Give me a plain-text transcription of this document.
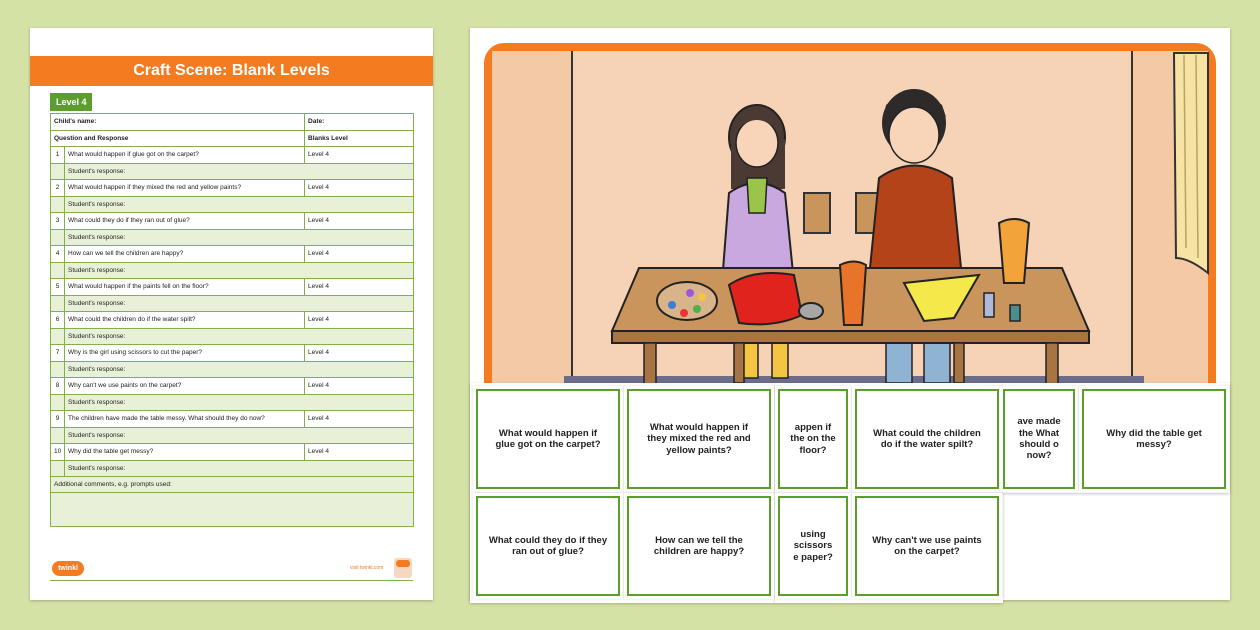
Craft Scene: Blank Levels
Level 4
Child's name:		Date:
Question and Response		Blanks Level
1	What would happen if glue got on the carpet?	Level 4
	Student's response:	
2	What would happen if they mixed the red and yellow paints?	Level 4
	Student's response:	
3	What could they do if they ran out of glue?	Level 4
	Student's response:	
4	How can we tell the children are happy?	Level 4
	Student's response:	
5	What would happen if the paints fell on the floor?	Level 4
	Student's response:	
6	What could the children do if the water spilt?	Level 4
	Student's response:	
7	Why is the girl using scissors to cut the paper?	Level 4
	Student's response:	
8	Why can't we use paints on the carpet?	Level 4
	Student's response:	
9	The children have made the table messy. What should they do now?	Level 4
	Student's response:	
10	Why did the table get messy?	Level 4
	Student's response:	
Additional comments, e.g. prompts used:		

twinkl	visit twinkl.com
What would happen if glue got on the carpet?
What would happen if they mixed the red and yellow paints?
appen if the on the floor?
What could the children do if the water spilt?
ave made the What should o now?
Why did the table get messy?
What could they do if they ran out of glue?
How can we tell the children are happy?
using scissors e paper?
Why can't we use paints on the carpet?
